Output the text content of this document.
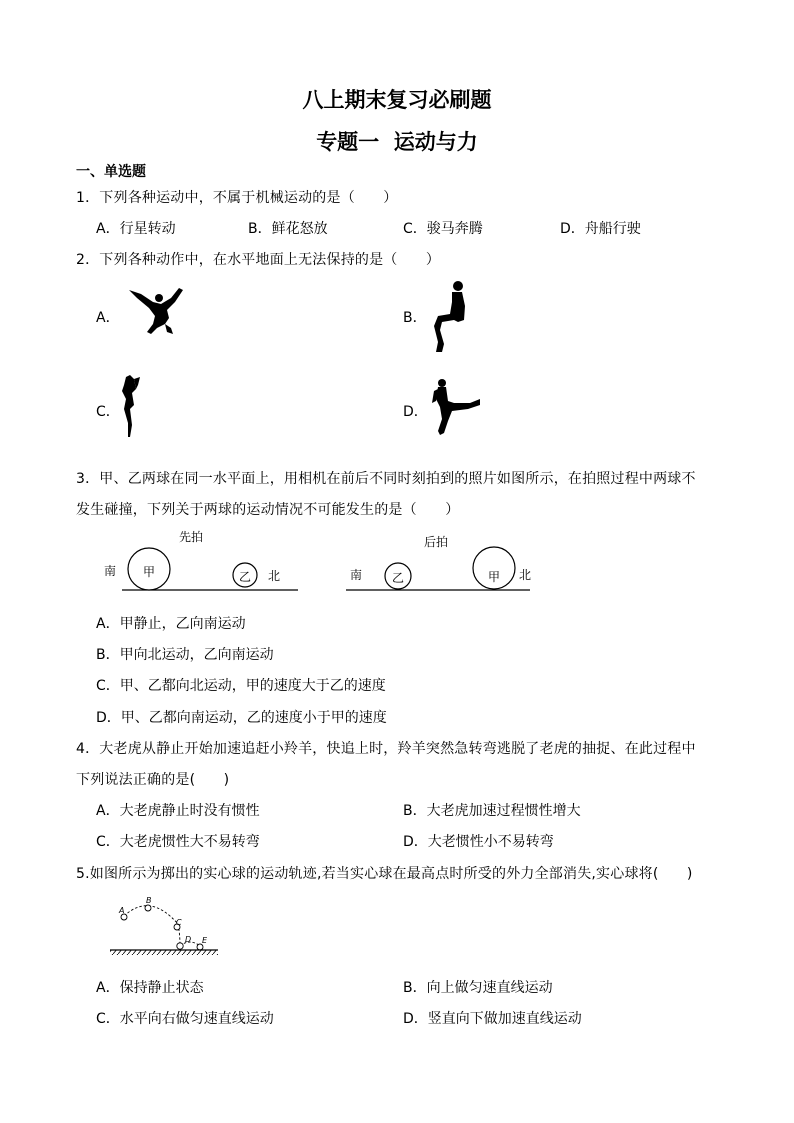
八上期末复习必刷题
专题一  运动与力
一、单选题
1．下列各种运动中，不属于机械运动的是（　　）
A．行星转动	B．鲜花怒放	C．骏马奔腾	D．舟船行驶
2．下列各种动作中，在水平地面上无法保持的是（　　）
A．	B．
C．	D．
3．甲、乙两球在同一水平面上，用相机在前后不同时刻拍到的照片如图所示，在拍照过程中两球不
发生碰撞，下列关于两球的运动情况不可能发生的是（　　）
先拍
南	北
甲	乙
后拍
南	北
乙	甲
A．甲静止，乙向南运动
B．甲向北运动，乙向南运动
C．甲、乙都向北运动，甲的速度大于乙的速度
D．甲、乙都向南运动，乙的速度小于甲的速度
4．大老虎从静止开始加速追赶小羚羊，快追上时，羚羊突然急转弯逃脱了老虎的抽捉、在此过程中
下列说法正确的是(　　)
A．大老虎静止时没有惯性	B．大老虎加速过程惯性增大
C．大老虎惯性大不易转弯	D．大老惯性小不易转弯
5.如图所示为掷出的实心球的运动轨迹,若当实心球在最高点时所受的外力全部消失,实心球将(　　)
A
B
C
D E
A．保持静止状态	B．向上做匀速直线运动
C．水平向右做匀速直线运动	D．竖直向下做加速直线运动
